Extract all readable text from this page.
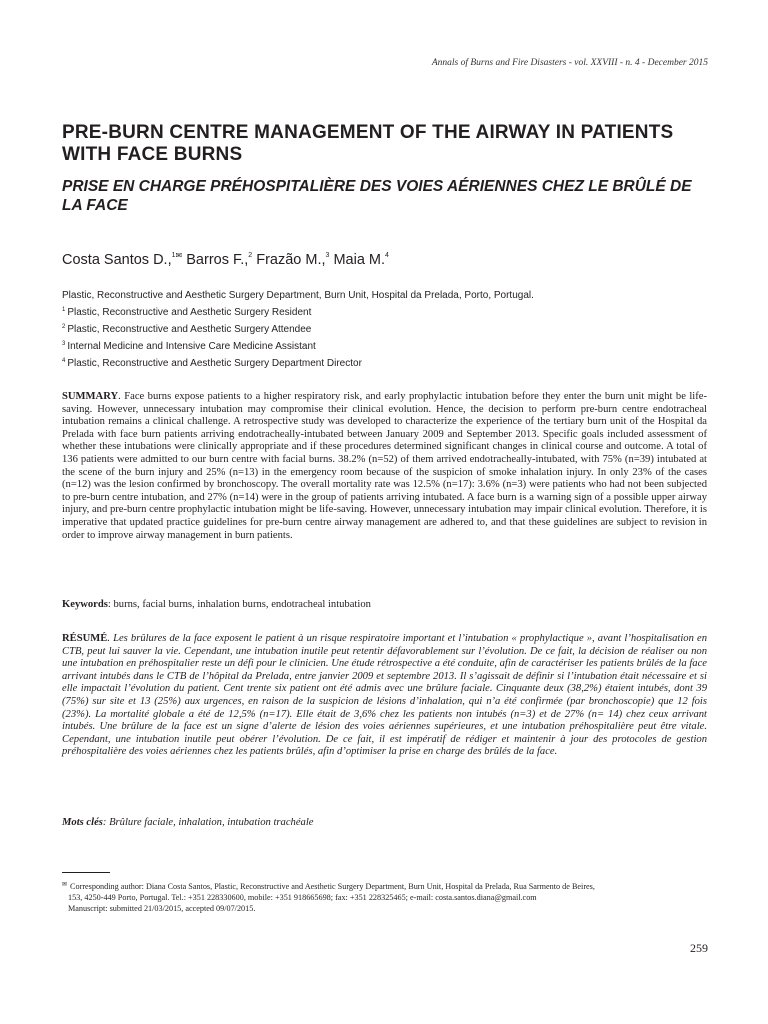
Annals of Burns and Fire Disasters - vol. XXVIII - n. 4 - December 2015
PRE-BURN CENTRE MANAGEMENT OF THE AIRWAY IN PATIENTS WITH FACE BURNS
PRISE EN CHARGE PRÉHOSPITALIÈRE DES VOIES AÉRIENNES CHEZ LE BRÛLÉ DE LA FACE
Costa Santos D.,$^{1✉}$ Barros F.,$^2$ Frazão M.,$^3$ Maia M.$^4$
Plastic, Reconstructive and Aesthetic Surgery Department, Burn Unit, Hospital da Prelada, Porto, Portugal.
$^1$ Plastic, Reconstructive and Aesthetic Surgery Resident
$^2$ Plastic, Reconstructive and Aesthetic Surgery Attendee
$^3$ Internal Medicine and Intensive Care Medicine Assistant
$^4$ Plastic, Reconstructive and Aesthetic Surgery Department Director
SUMMARY. Face burns expose patients to a higher respiratory risk, and early prophylactic intubation before they enter the burn unit might be life-saving. However, unnecessary intubation may compromise their clinical evolution. Hence, the decision to perform pre-burn centre endotracheal intubation remains a clinical challenge. A retrospective study was developed to characterize the experience of the tertiary burn unit of the Hospital da Prelada with face burn patients arriving endotracheally-intubated between January 2009 and September 2013. Specific goals included assessment of whether these intubations were clinically appropriate and if these procedures determined significant changes in clinical course and outcome. A total of 136 patients were admitted to our burn centre with facial burns. 38.2% (n=52) of them arrived endotracheally-intubated, with 75% (n=39) intubated at the scene of the burn injury and 25% (n=13) in the emergency room because of the suspicion of smoke inhalation injury. In only 23% of the cases (n=12) was the lesion confirmed by bronchoscopy. The overall mortality rate was 12.5% (n=17): 3.6% (n=3) were patients who had not been subjected to pre-burn centre intubation, and 27% (n=14) were in the group of patients arriving intubated. A face burn is a warning sign of a possible upper airway injury, and pre-burn centre prophylactic intubation might be life-saving. However, unnecessary intubation may impair clinical evolution. Therefore, it is imperative that updated practice guidelines for pre-burn centre airway management are adhered to, and that these guidelines are subject to revision in order to improve airway management in burn patients.
Keywords: burns, facial burns, inhalation burns, endotracheal intubation
RÉSUMÉ. Les brûlures de la face exposent le patient à un risque respiratoire important et l’intubation « prophylactique », avant l’hospitalisation en CTB, peut lui sauver la vie. Cependant, une intubation inutile peut retentir défavorablement sur l’évolution. De ce fait, la décision de réaliser ou non une intubation en préhospitalier reste un défi pour le clinicien. Une étude rétrospective a été conduite, afin de caractériser les patients brûlés de la face arrivant intubés dans le CTB de l’hôpital da Prelada, entre janvier 2009 et septembre 2013. Il s’agissait de définir si l’intubation était nécessaire et si elle impactait l’évolution du patient. Cent trente six patient ont été admis avec une brûlure faciale. Cinquante deux (38,2%) étaient intubés, dont 39 (75%) sur site et 13 (25%) aux urgences, en raison de la suspicion de lésions d’inhalation, qui n’a été confirmée (par bronchoscopie) que 12 fois (23%). La mortalité globale a été de 12,5% (n=17). Elle était de 3,6% chez les patients non intubés (n=3) et de 27% (n= 14) chez ceux arrivant intubés. Une brûlure de la face est un signe d’alerte de lésion des voies aériennes supérieures, et une intubation préhospitalière peut être vitale. Cependant, une intubation inutile peut obérer l’évolution. De ce fait, il est impératif de rédiger et maintenir à jour des protocoles de gestion préhospitalière des voies aériennes chez les patients brûlés, afin d’optimiser la prise en charge des brûlés de la face.
Mots clés: Brûlure faciale, inhalation, intubation trachéale
✉ Corresponding author: Diana Costa Santos, Plastic, Reconstructive and Aesthetic Surgery Department, Burn Unit, Hospital da Prelada, Rua Sarmento de Beires,
153, 4250-449 Porto, Portugal. Tel.: +351 228330600, mobile: +351 918665698; fax: +351 228325465; e-mail: costa.santos.diana@gmail.com
Manuscript: submitted 21/03/2015, accepted 09/07/2015.
259
